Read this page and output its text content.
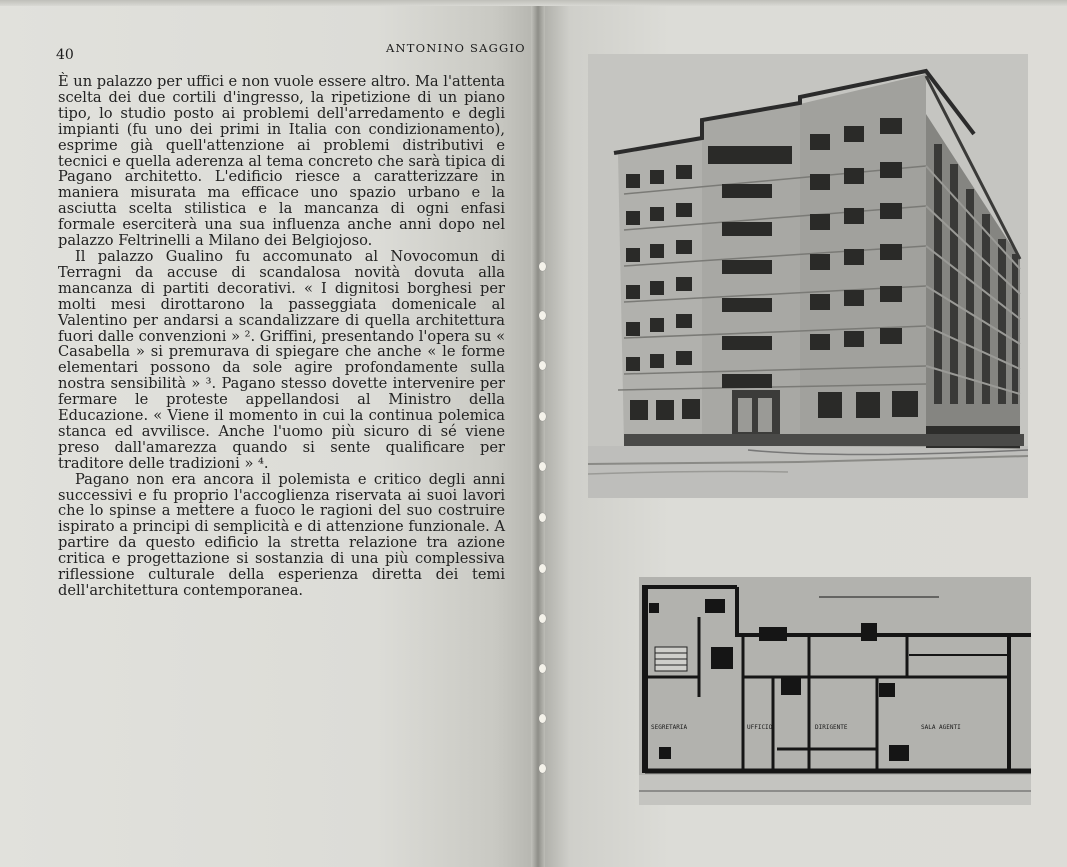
40	ANTONINO SAGGIO

È un palazzo per uffici e non vuole essere altro. Ma l'attenta scelta dei due cortili d'ingresso, la ripetizione di un piano tipo, lo studio posto ai problemi dell'arredamento e degli impianti (fu uno dei primi in Italia con condizionamento), esprime già quell'attenzione ai problemi distributivi e tecnici e quella aderenza al tema concreto che sarà tipica di Pagano architetto. L'edificio riesce a caratterizzare in maniera misurata ma efficace uno spazio urbano e la asciutta scelta stilistica e la mancanza di ogni enfasi formale eserciterà una sua influenza anche anni dopo nel palazzo Feltrinelli a Milano dei Belgiojoso.

Il palazzo Gualino fu accomunato al Novocomun di Terragni da accuse di scandalosa novità dovuta alla mancanza di partiti decorativi. « I dignitosi borghesi per molti mesi dirottarono la passeggiata domenicale al Valentino per andarsi a scandalizzare di quella architettura fuori dalle convenzioni » ². Griffini, presentando l'opera su « Casabella » si premurava di spiegare che anche « le forme elementari possono da sole agire profondamente sulla nostra sensibilità » ³. Pagano stesso dovette intervenire per fermare le proteste appellandosi al Ministro della Educazione. « Viene il momento in cui la continua polemica stanca ed avvilisce. Anche l'uomo più sicuro di sé viene preso dall'amarezza quando si sente qualificare per traditore delle tradizioni » ⁴.

Pagano non era ancora il polemista e critico degli anni successivi e fu proprio l'accoglienza riservata ai suoi lavori che lo spinse a mettere a fuoco le ragioni del suo costruire ispirato a principi di semplicità e di attenzione funzionale. A partire da questo edificio la stretta relazione tra azione critica e progettazione si sostanzia di una più complessiva riflessione culturale della esperienza diretta dei temi dell'architettura contemporanea.

SEGRETARIA	UFFICIO	DIRIGENTE	SALA AGENTI
